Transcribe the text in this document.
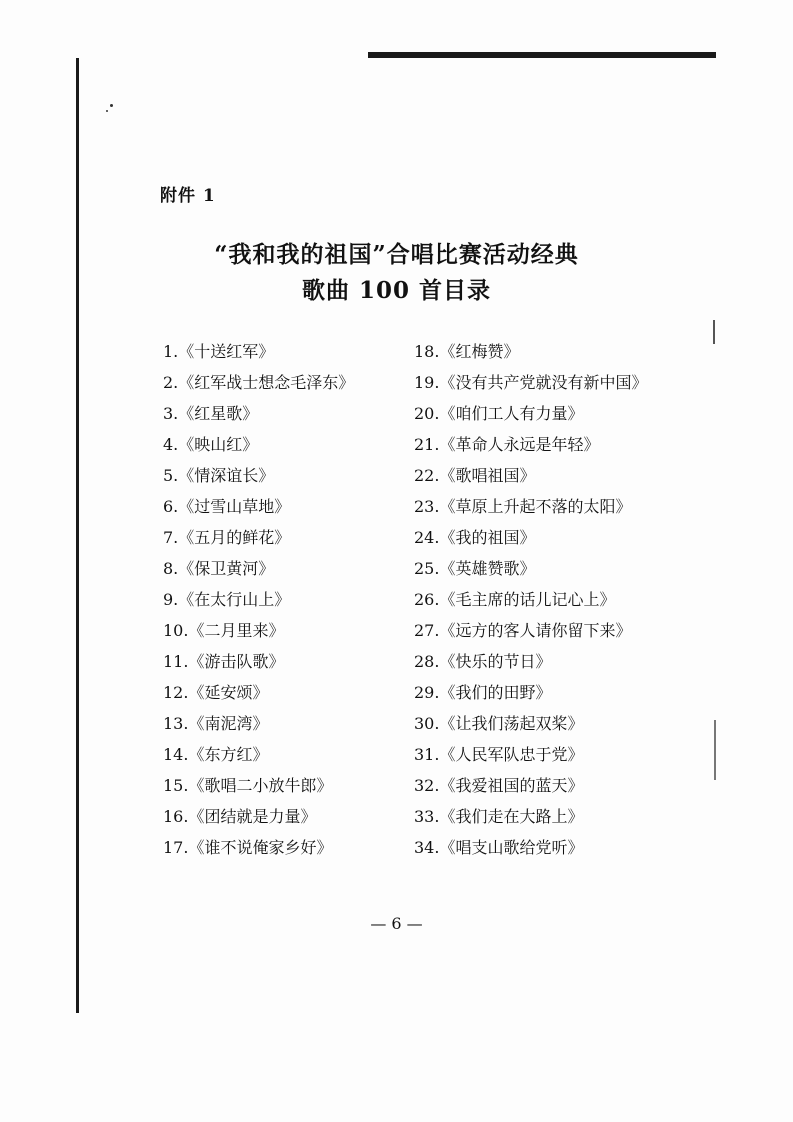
附件 1
“我和我的祖国”合唱比赛活动经典
歌曲 100 首目录
1.《十送红军》
2.《红军战士想念毛泽东》
3.《红星歌》
4.《映山红》
5.《情深谊长》
6.《过雪山草地》
7.《五月的鲜花》
8.《保卫黄河》
9.《在太行山上》
10.《二月里来》
11.《游击队歌》
12.《延安颂》
13.《南泥湾》
14.《东方红》
15.《歌唱二小放牛郎》
16.《团结就是力量》
17.《谁不说俺家乡好》
18.《红梅赞》
19.《没有共产党就没有新中国》
20.《咱们工人有力量》
21.《革命人永远是年轻》
22.《歌唱祖国》
23.《草原上升起不落的太阳》
24.《我的祖国》
25.《英雄赞歌》
26.《毛主席的话儿记心上》
27.《远方的客人请你留下来》
28.《快乐的节日》
29.《我们的田野》
30.《让我们荡起双桨》
31.《人民军队忠于党》
32.《我爱祖国的蓝天》
33.《我们走在大路上》
34.《唱支山歌给党听》
— 6 —
